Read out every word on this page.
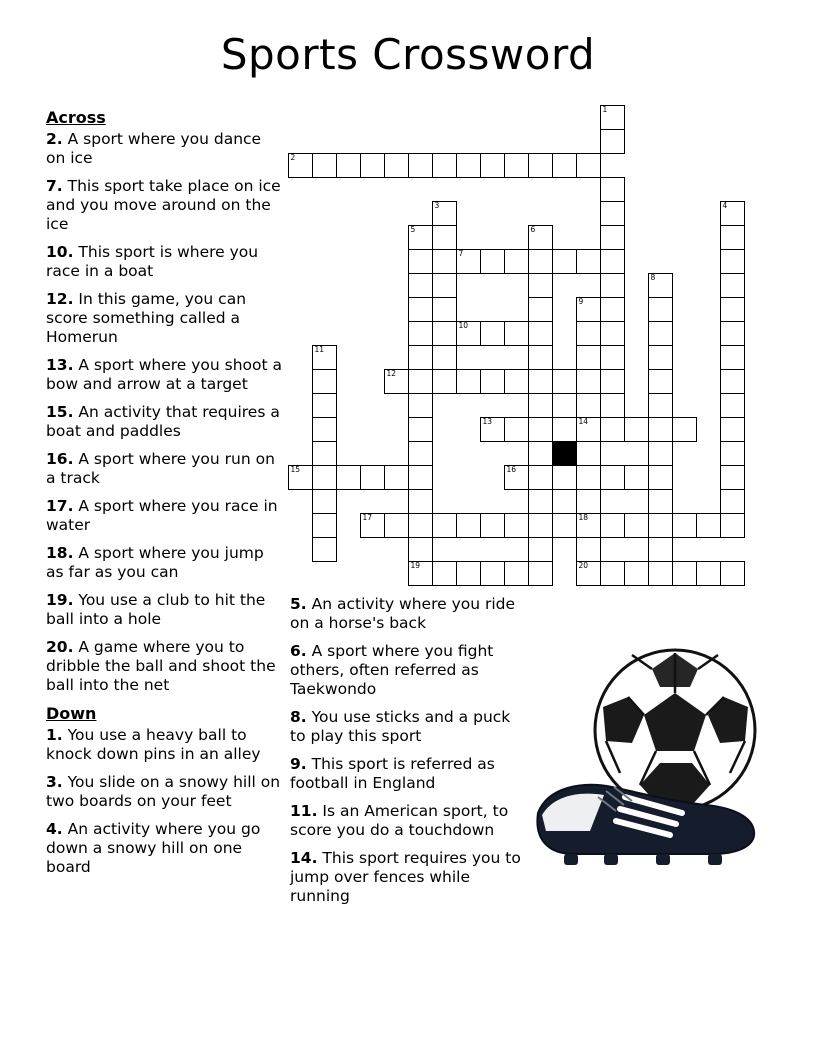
Sports Crossword
Across

2. A sport where you dance on ice

7. This sport take place on ice and you move around on the ice

10. This sport is where you race in a boat

12. In this game, you can score something called a Homerun

13. A sport where you shoot a bow and arrow at a target

15. An activity that requires a boat and paddles

16. A sport where you run on a track

17. A sport where you race in water

18. A sport where you jump as far as you can

19. You use a club to hit the ball into a hole

20. A game where you to dribble the ball and shoot the ball into the net

Down

1. You use a heavy ball to knock down pins in an alley

3. You slide on a snowy hill on two boards on your feet

4. An activity where you go down a snowy hill on one board

5. An activity where you ride on a horse's back

6. A sport where you fight others, often referred as Taekwondo

8. You use sticks and a puck to play this sport

9. This sport is referred as football in England

11. Is an American sport, to score you do a touchdown

14. This sport requires you to jump over fences while running

1
2
3	4
5	6
7
8
9
10
11
12
13	14
15	16
17	18
19	20
